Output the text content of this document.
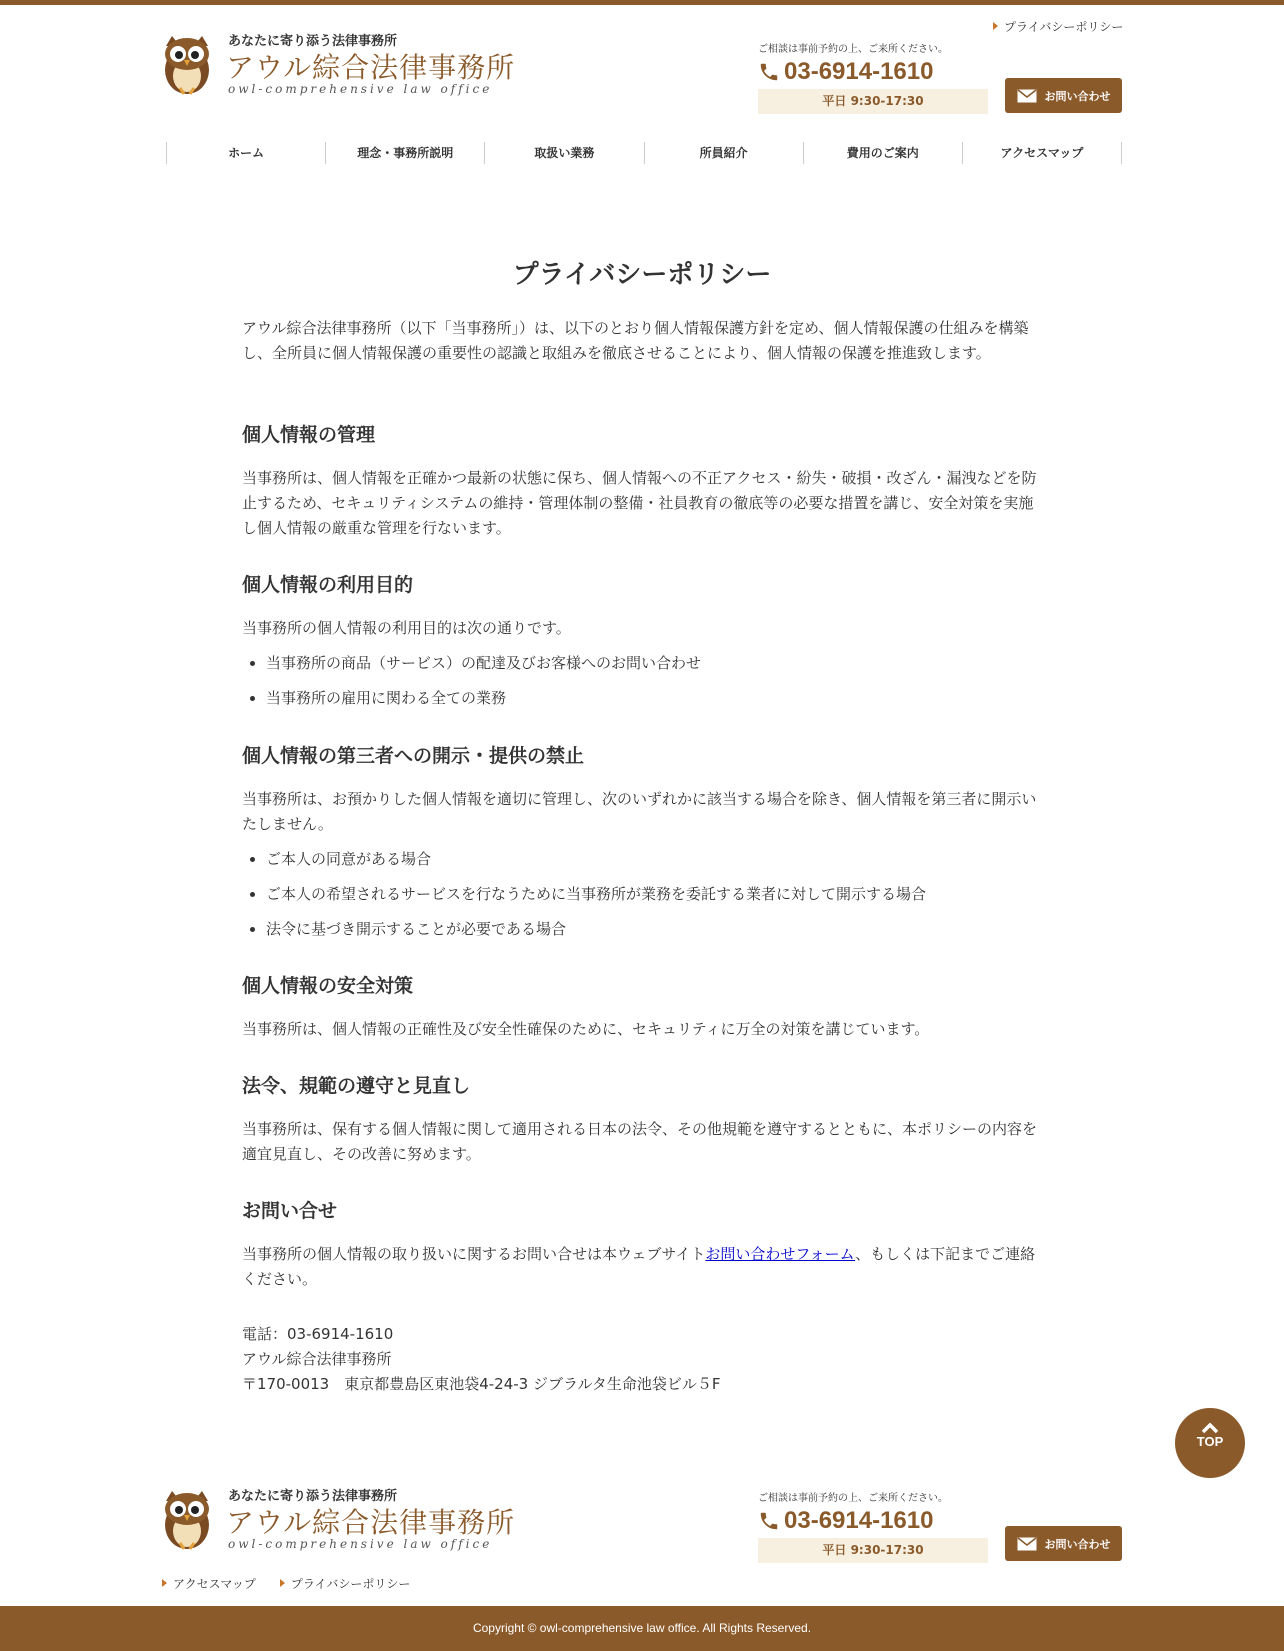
あなたに寄り添う法律事務所
アウル綜合法律事務所
owl-comprehensive law office
プライバシーポリシー
ご相談は事前予約の上、ご来所ください。
03-6914-1610
平日 9:30-17:30	お問い合わせ
ホーム	理念・事務所説明	取扱い業務	所員紹介	費用のご案内	アクセスマップ
プライバシーポリシー

アウル綜合法律事務所（以下「当事務所」）は、以下のとおり個人情報保護方針を定め、個人情報保護の仕組みを構築し、全所員に個人情報保護の重要性の認識と取組みを徹底させることにより、個人情報の保護を推進致します。

個人情報の管理

当事務所は、個人情報を正確かつ最新の状態に保ち、個人情報への不正アクセス・紛失・破損・改ざん・漏洩などを防止するため、セキュリティシステムの維持・管理体制の整備・社員教育の徹底等の必要な措置を講じ、安全対策を実施し個人情報の厳重な管理を行ないます。

個人情報の利用目的

当事務所の個人情報の利用目的は次の通りです。

• 当事務所の商品（サービス）の配達及びお客様へのお問い合わせ
• 当事務所の雇用に関わる全ての業務
個人情報の第三者への開示・提供の禁止

当事務所は、お預かりした個人情報を適切に管理し、次のいずれかに該当する場合を除き、個人情報を第三者に開示いたしません。

• ご本人の同意がある場合
• ご本人の希望されるサービスを行なうために当事務所が業務を委託する業者に対して開示する場合
• 法令に基づき開示することが必要である場合
個人情報の安全対策

当事務所は、個人情報の正確性及び安全性確保のために、セキュリティに万全の対策を講じています。

法令、規範の遵守と見直し

当事務所は、保有する個人情報に関して適用される日本の法令、その他規範を遵守するとともに、本ポリシーの内容を適宜見直し、その改善に努めます。

お問い合せ

当事務所の個人情報の取り扱いに関するお問い合せは本ウェブサイトお問い合わせフォーム、もしくは下記までご連絡ください。

電話：03-6914-1610

アウル綜合法律事務所

〒170-0013　東京都豊島区東池袋4-24-3 ジブラルタ生命池袋ビル５F

TOP
あなたに寄り添う法律事務所
アウル綜合法律事務所
owl-comprehensive law office
ご相談は事前予約の上、ご来所ください。
03-6914-1610
平日 9:30-17:30	お問い合わせ
アクセスマップ	プライバシーポリシー
Copyright © owl-comprehensive law office. All Rights Reserved.
